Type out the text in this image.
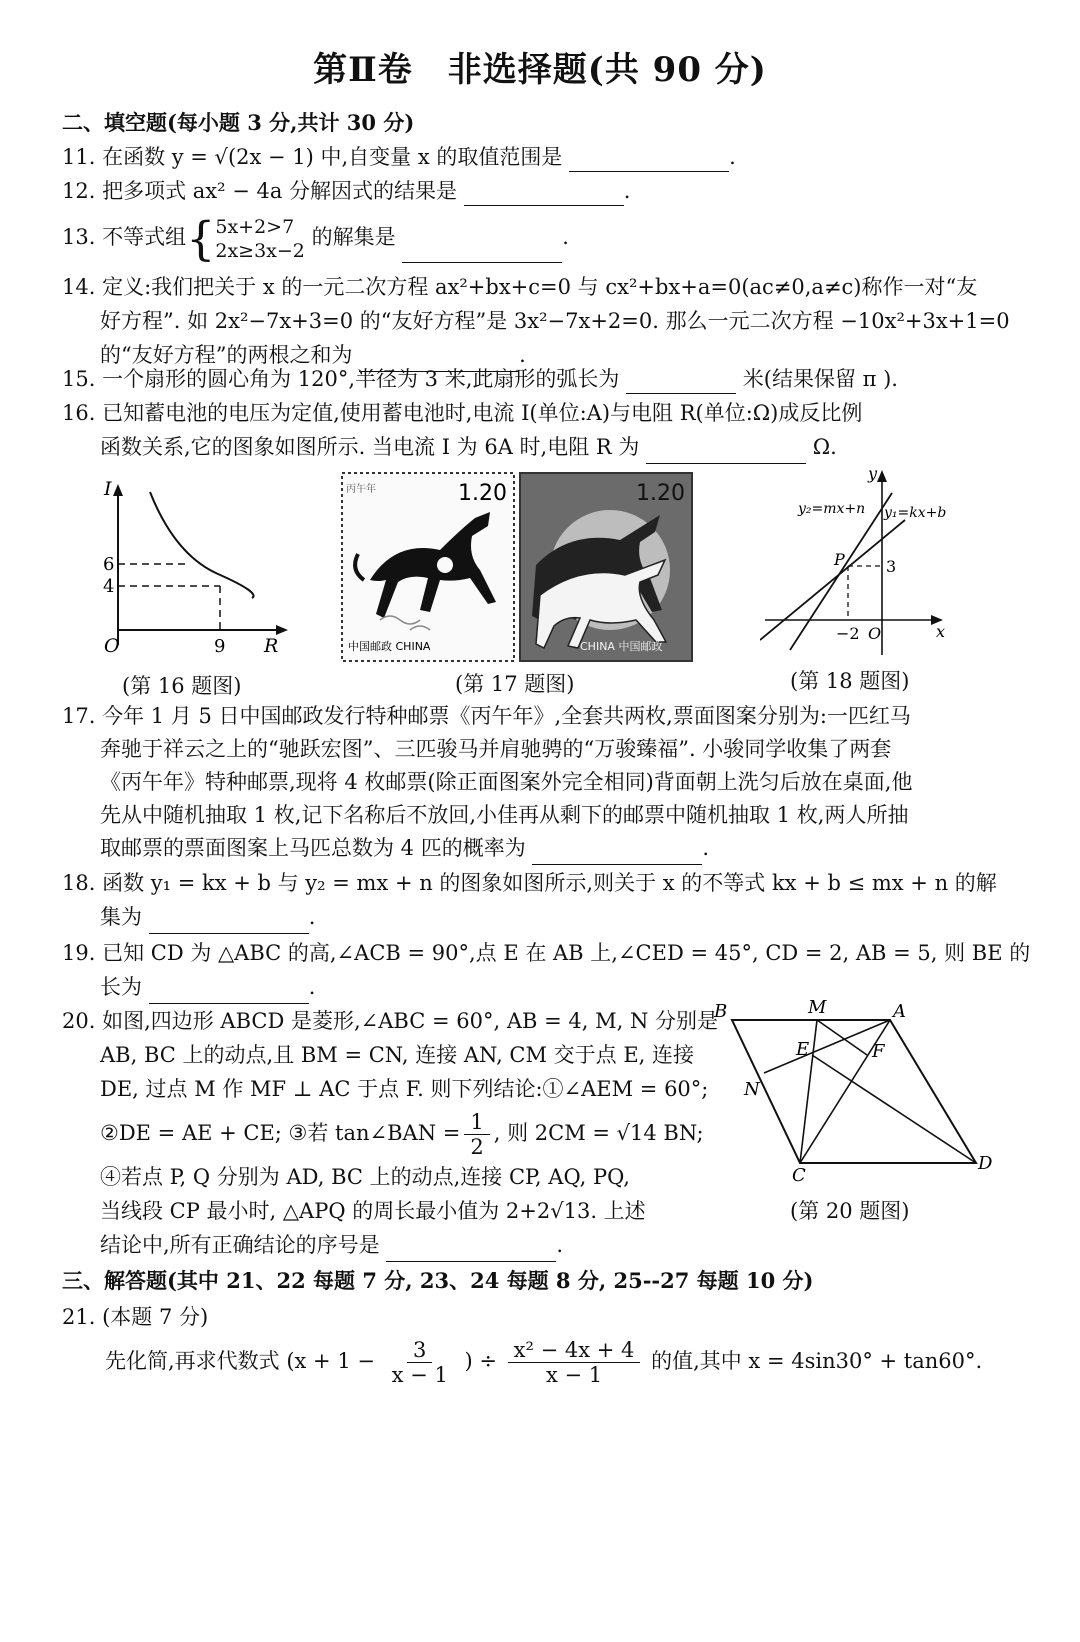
第Ⅱ卷　非选择题(共 90 分)
二、填空题(每小题 3 分,共计 30 分)
11. 在函数 y = √(2x − 1) 中,自变量 x 的取值范围是	.
12. 把多项式 ax² − 4a 分解因式的结果是	.
13. 不等式组{5x+2>7
2x≥3x−2 的解集是	.
14. 定义:我们把关于 x 的一元二次方程 ax²+bx+c=0 与 cx²+bx+a=0(ac≠0,a≠c)称作一对“友
好方程”. 如 2x²−7x+3=0 的“友好方程”是 3x²−7x+2=0. 那么一元二次方程 −10x²+3x+1=0
的“友好方程”的两根之和为	.
15. 一个扇形的圆心角为 120°,半径为 3 米,此扇形的弧长为	米(结果保留 π ).
16. 已知蓄电池的电压为定值,使用蓄电池时,电流 I(单位:A)与电阻 R(单位:Ω)成反比例
函数关系,它的图象如图所示. 当电流 I 为 6A 时,电阻 R 为	Ω.
I
R
O
6
4
9
(第 16 题图)
丙午年	1.20
中国邮政 CHINA
1.20
CHINA 中国邮政
(第 17 题图)
y₂=mx+n y₁=kx+b
y
x
P	3
−2 O
(第 18 题图)
17. 今年 1 月 5 日中国邮政发行特种邮票《丙午年》,全套共两枚,票面图案分别为:一匹红马
奔驰于祥云之上的“驰跃宏图”、三匹骏马并肩驰骋的“万骏臻福”. 小骏同学收集了两套
《丙午年》特种邮票,现将 4 枚邮票(除正面图案外完全相同)背面朝上洗匀后放在桌面,他
先从中随机抽取 1 枚,记下名称后不放回,小佳再从剩下的邮票中随机抽取 1 枚,两人所抽
取邮票的票面图案上马匹总数为 4 匹的概率为	.
18. 函数 y₁ = kx + b 与 y₂ = mx + n 的图象如图所示,则关于 x 的不等式 kx + b ≤ mx + n 的解
集为	.
19. 已知 CD 为 △ABC 的高,∠ACB = 90°,点 E 在 AB 上,∠CED = 45°, CD = 2, AB = 5, 则 BE 的
长为	.
20. 如图,四边形 ABCD 是菱形,∠ABC = 60°, AB = 4, M, N 分别是
AB, BC 上的动点,且 BM = CN, 连接 AN, CM 交于点 E, 连接
DE, 过点 M 作 MF ⊥ AC 于点 F. 则下列结论:①∠AEM = 60°;
②DE = AE + CE; ③若 tan∠BAN = $\frac{1}{2}$ , 则 2CM = √14 BN;
④若点 P, Q 分别为 AD, BC 上的动点,连接 CP, AQ, PQ,
当线段 CP 最小时, △APQ 的周长最小值为 2+2√13. 上述
结论中,所有正确结论的序号是	.
B	M	A
E	F
N
C
D
(第 20 题图)
三、解答题(其中 21、22 每题 7 分, 23、24 每题 8 分, 25--27 每题 10 分)
21. (本题 7 分)
先化简,再求代数式 ($x + 1 - \frac{3}{x - 1}$ ) ÷ $\frac{\text{x² − 4x + 4}}{x - 1}$ 的值,其中 x = 4sin30° + tan60°.
